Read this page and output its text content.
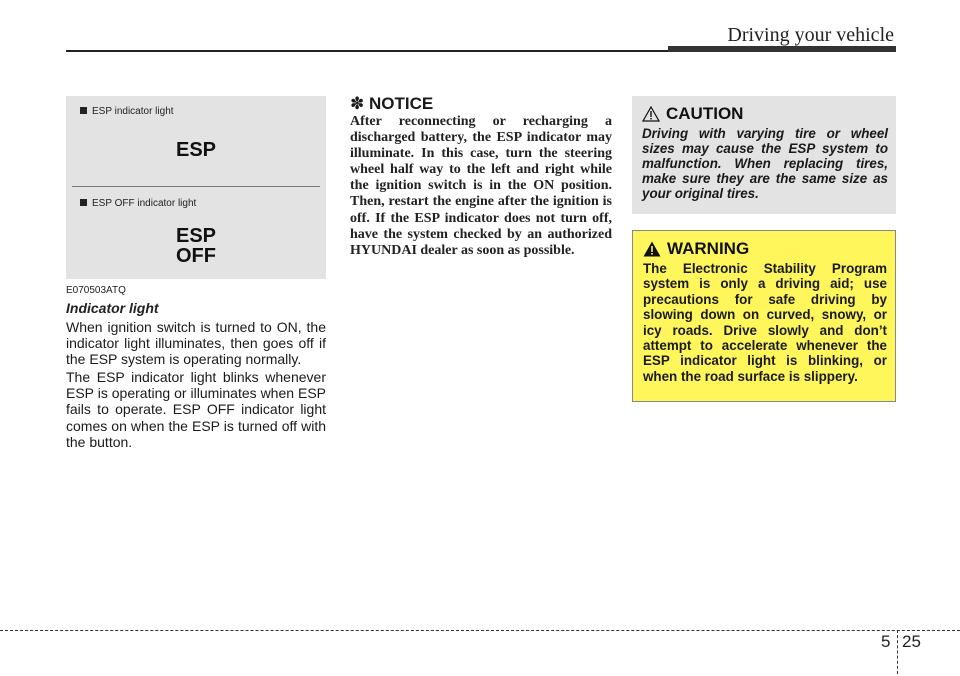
Driving your vehicle
ESP indicator light
ESP
ESP OFF indicator light
ESP
OFF
E070503ATQ
Indicator light
When ignition switch is turned to ON, the indicator light illuminates, then goes off if the ESP system is operating normally.
The ESP indicator light blinks whenever ESP is operating or illuminates when ESP fails to operate. ESP OFF indicator light comes on when the ESP is turned off with the button.
✽ NOTICE
After reconnecting or recharging a discharged battery, the ESP indicator may illuminate. In this case, turn the steering wheel half way to the left and right while the ignition switch is in the ON position. Then, restart the engine after the ignition is off. If the ESP indicator does not turn off, have the system checked by an authorized HYUNDAI dealer as soon as possible.
CAUTION
Driving with varying tire or wheel sizes may cause the ESP system to malfunction. When replacing tires, make sure they are the same size as your original tires.
WARNING
The Electronic Stability Program system is only a driving aid; use precautions for safe driving by slowing down on curved, snowy, or icy roads. Drive slowly and don’t attempt to accelerate whenever the ESP indicator light is blinking, or when the road surface is slippery.
5 25
